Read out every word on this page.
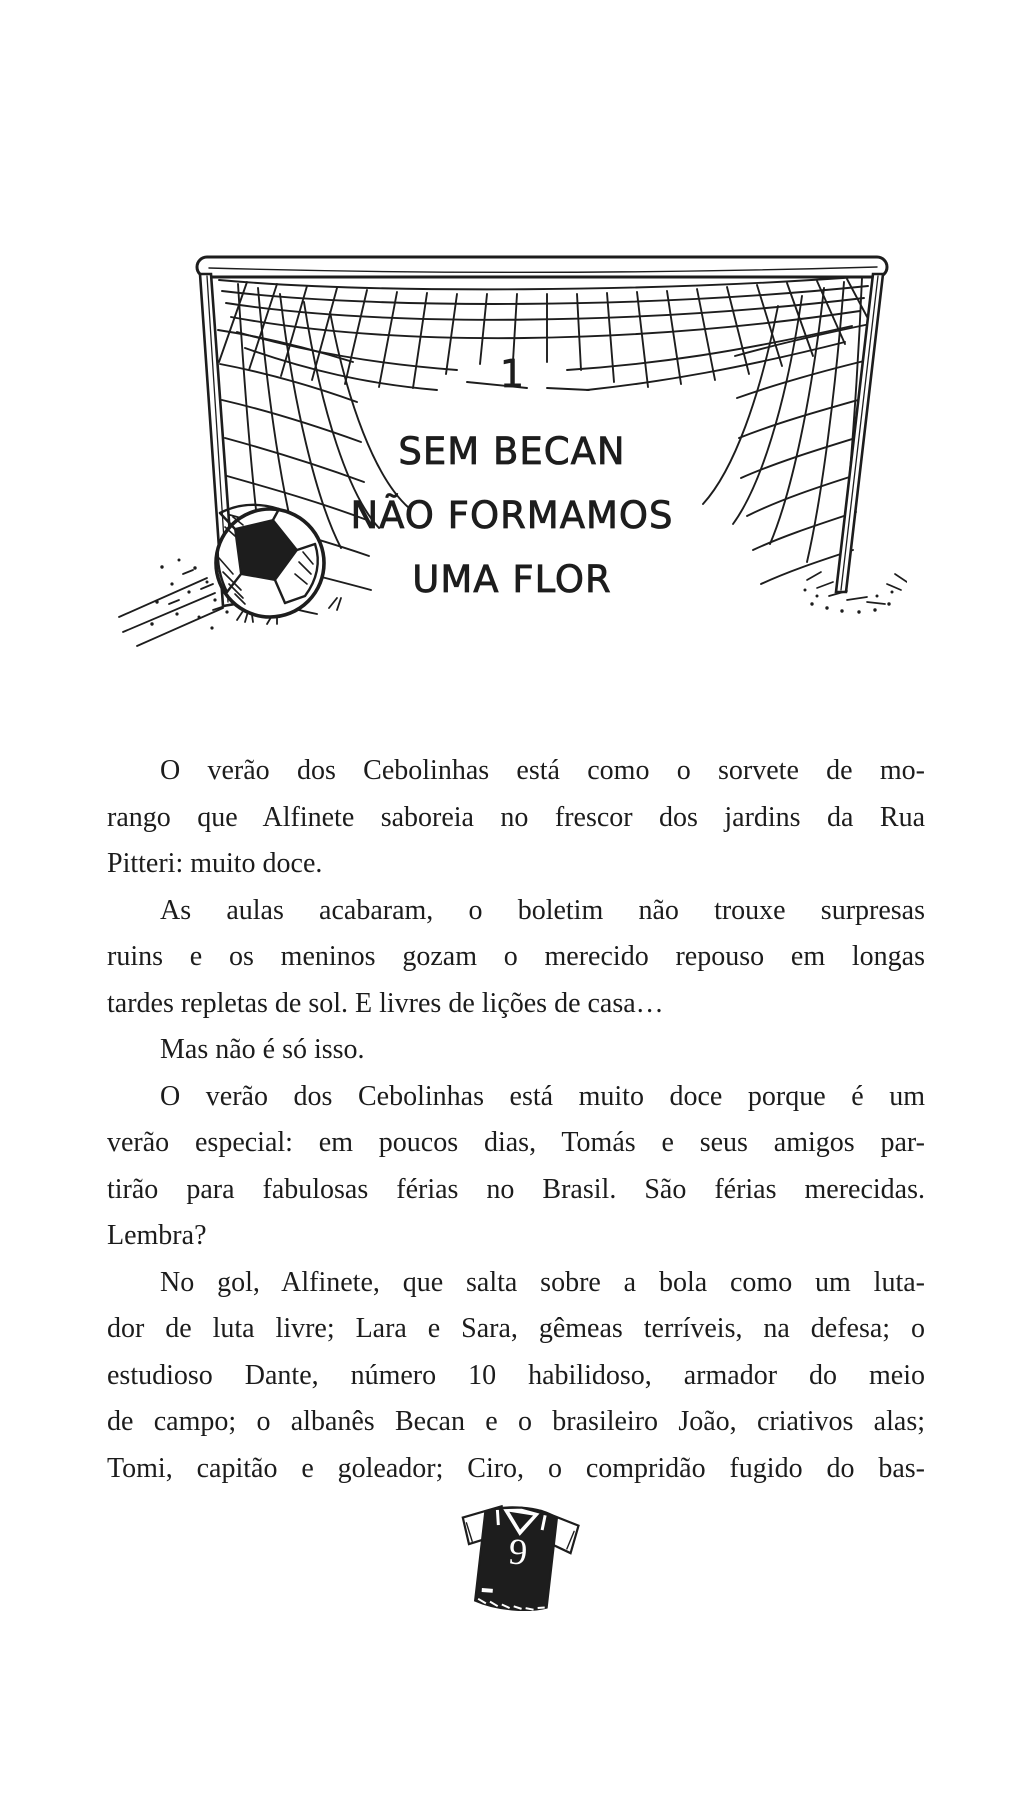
1
SEM BECAN
NÃO FORMAMOS
UMA FLOR
O verão dos Cebolinhas está como o sorvete de mo-
rango que Alfinete saboreia no frescor dos jardins da Rua
Pitteri: muito doce.
As aulas acabaram, o boletim não trouxe surpresas
ruins e os meninos gozam o merecido repouso em longas
tardes repletas de sol. E livres de lições de casa…
Mas não é só isso.
O verão dos Cebolinhas está muito doce porque é um
verão especial: em poucos dias, Tomás e seus amigos par-
tirão para fabulosas férias no Brasil. São férias merecidas.
Lembra?
No gol, Alfinete, que salta sobre a bola como um luta-
dor de luta livre; Lara e Sara, gêmeas terríveis, na defesa; o
estudioso Dante, número 10 habilidoso, armador do meio
de campo; o albanês Becan e o brasileiro João, criativos alas;
Tomi, capitão e goleador; Ciro, o compridão fugido do bas-
9
